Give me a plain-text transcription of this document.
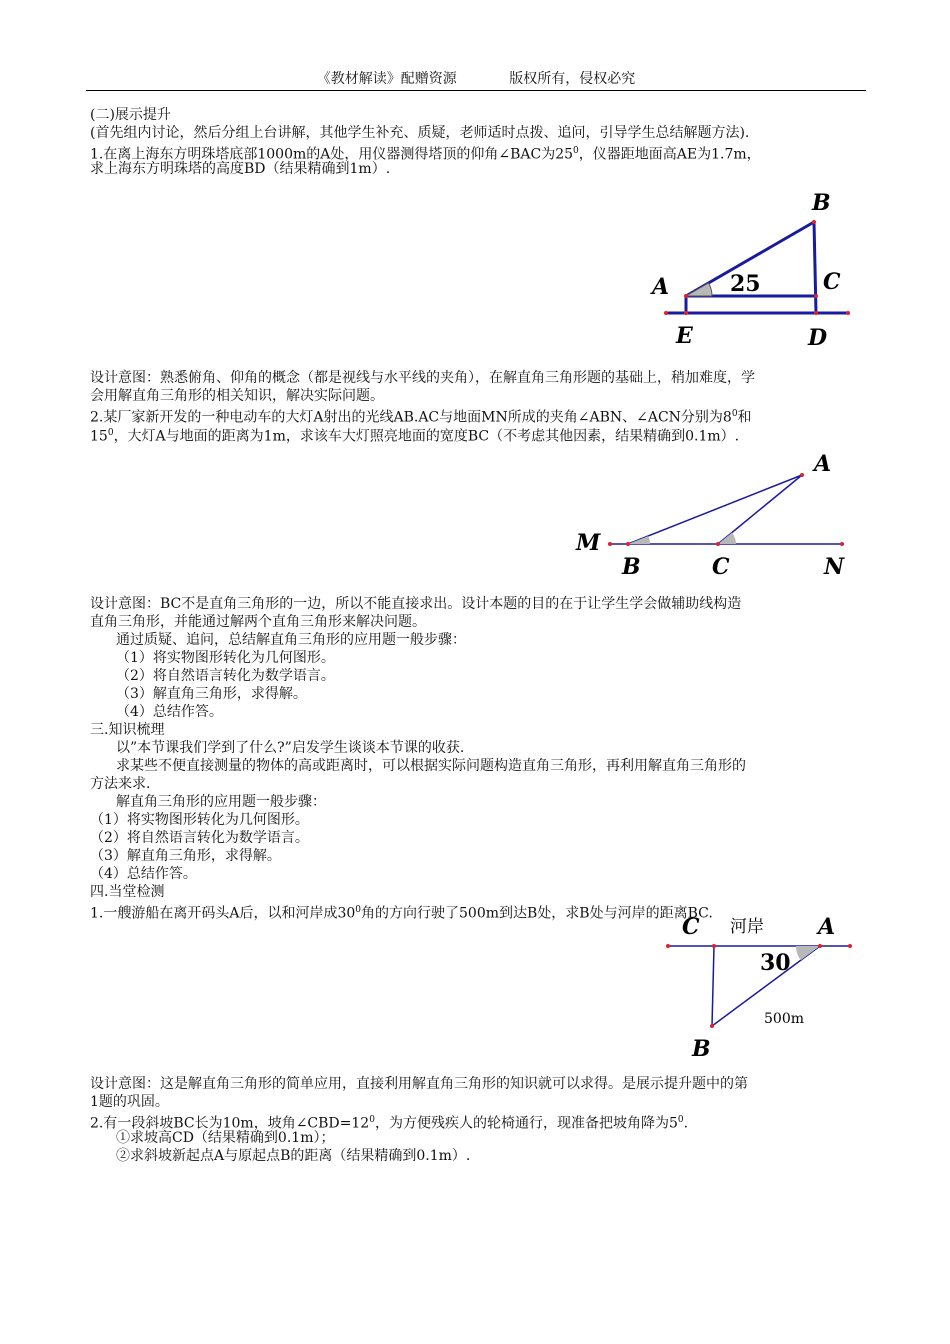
《教材解读》配赠资源	版权所有，侵权必究
(二)展示提升
(首先组内讨论，然后分组上台讲解，其他学生补充、质疑，老师适时点拨、追问，引导学生总结解题方法).
1.在离上海东方明珠塔底部1000m的A处，用仪器测得塔顶的仰角∠BAC为$25^0$，仪器距地面高AE为1.7m，
求上海东方明珠塔的高度BD（结果精确到1m）.
B
A	C
E	D
25
设计意图：熟悉俯角、仰角的概念（都是视线与水平线的夹角），在解直角三角形题的基础上，稍加难度，学
会用解直角三角形的相关知识，解决实际问题。
2.某厂家新开发的一种电动车的大灯A射出的光线AB.AC与地面MN所成的夹角∠ABN、∠ACN分别为$8^0$和
$15^0$，大灯A与地面的距离为1m，求该车大灯照亮地面的宽度BC（不考虑其他因素，结果精确到0.1m）.
A
M
B	C	N
设计意图：BC不是直角三角形的一边，所以不能直接求出。设计本题的目的在于让学生学会做辅助线构造
直角三角形，并能通过解两个直角三角形来解决问题。
通过质疑、追问，总结解直角三角形的应用题一般步骤：
（1）将实物图形转化为几何图形。
（2）将自然语言转化为数学语言。
（3）解直角三角形，求得解。
（4）总结作答。
三.知识梳理
以”本节课我们学到了什么?”启发学生谈谈本节课的收获.
求某些不便直接测量的物体的高或距离时，可以根据实际问题构造直角三角形，再利用解直角三角形的
方法来求.
解直角三角形的应用题一般步骤：
（1）将实物图形转化为几何图形。
（2）将自然语言转化为数学语言。
（3）解直角三角形，求得解。
（4）总结作答。
四.当堂检测
1.一艘游船在离开码头A后，以和河岸成$30^0$角的方向行驶了500m到达B处，求B处与河岸的距离BC.
C 河岸 A
30
500m
B
设计意图：这是解直角三角形的简单应用，直接利用解直角三角形的知识就可以求得。是展示提升题中的第
1题的巩固。
2.有一段斜坡BC长为10m，坡角$\angle CBD=12^0$，为方便残疾人的轮椅通行，现准备把坡角降为$5^0$.
①求坡高CD（结果精确到0.1m）；
②求斜坡新起点A与原起点B的距离（结果精确到0.1m）.
